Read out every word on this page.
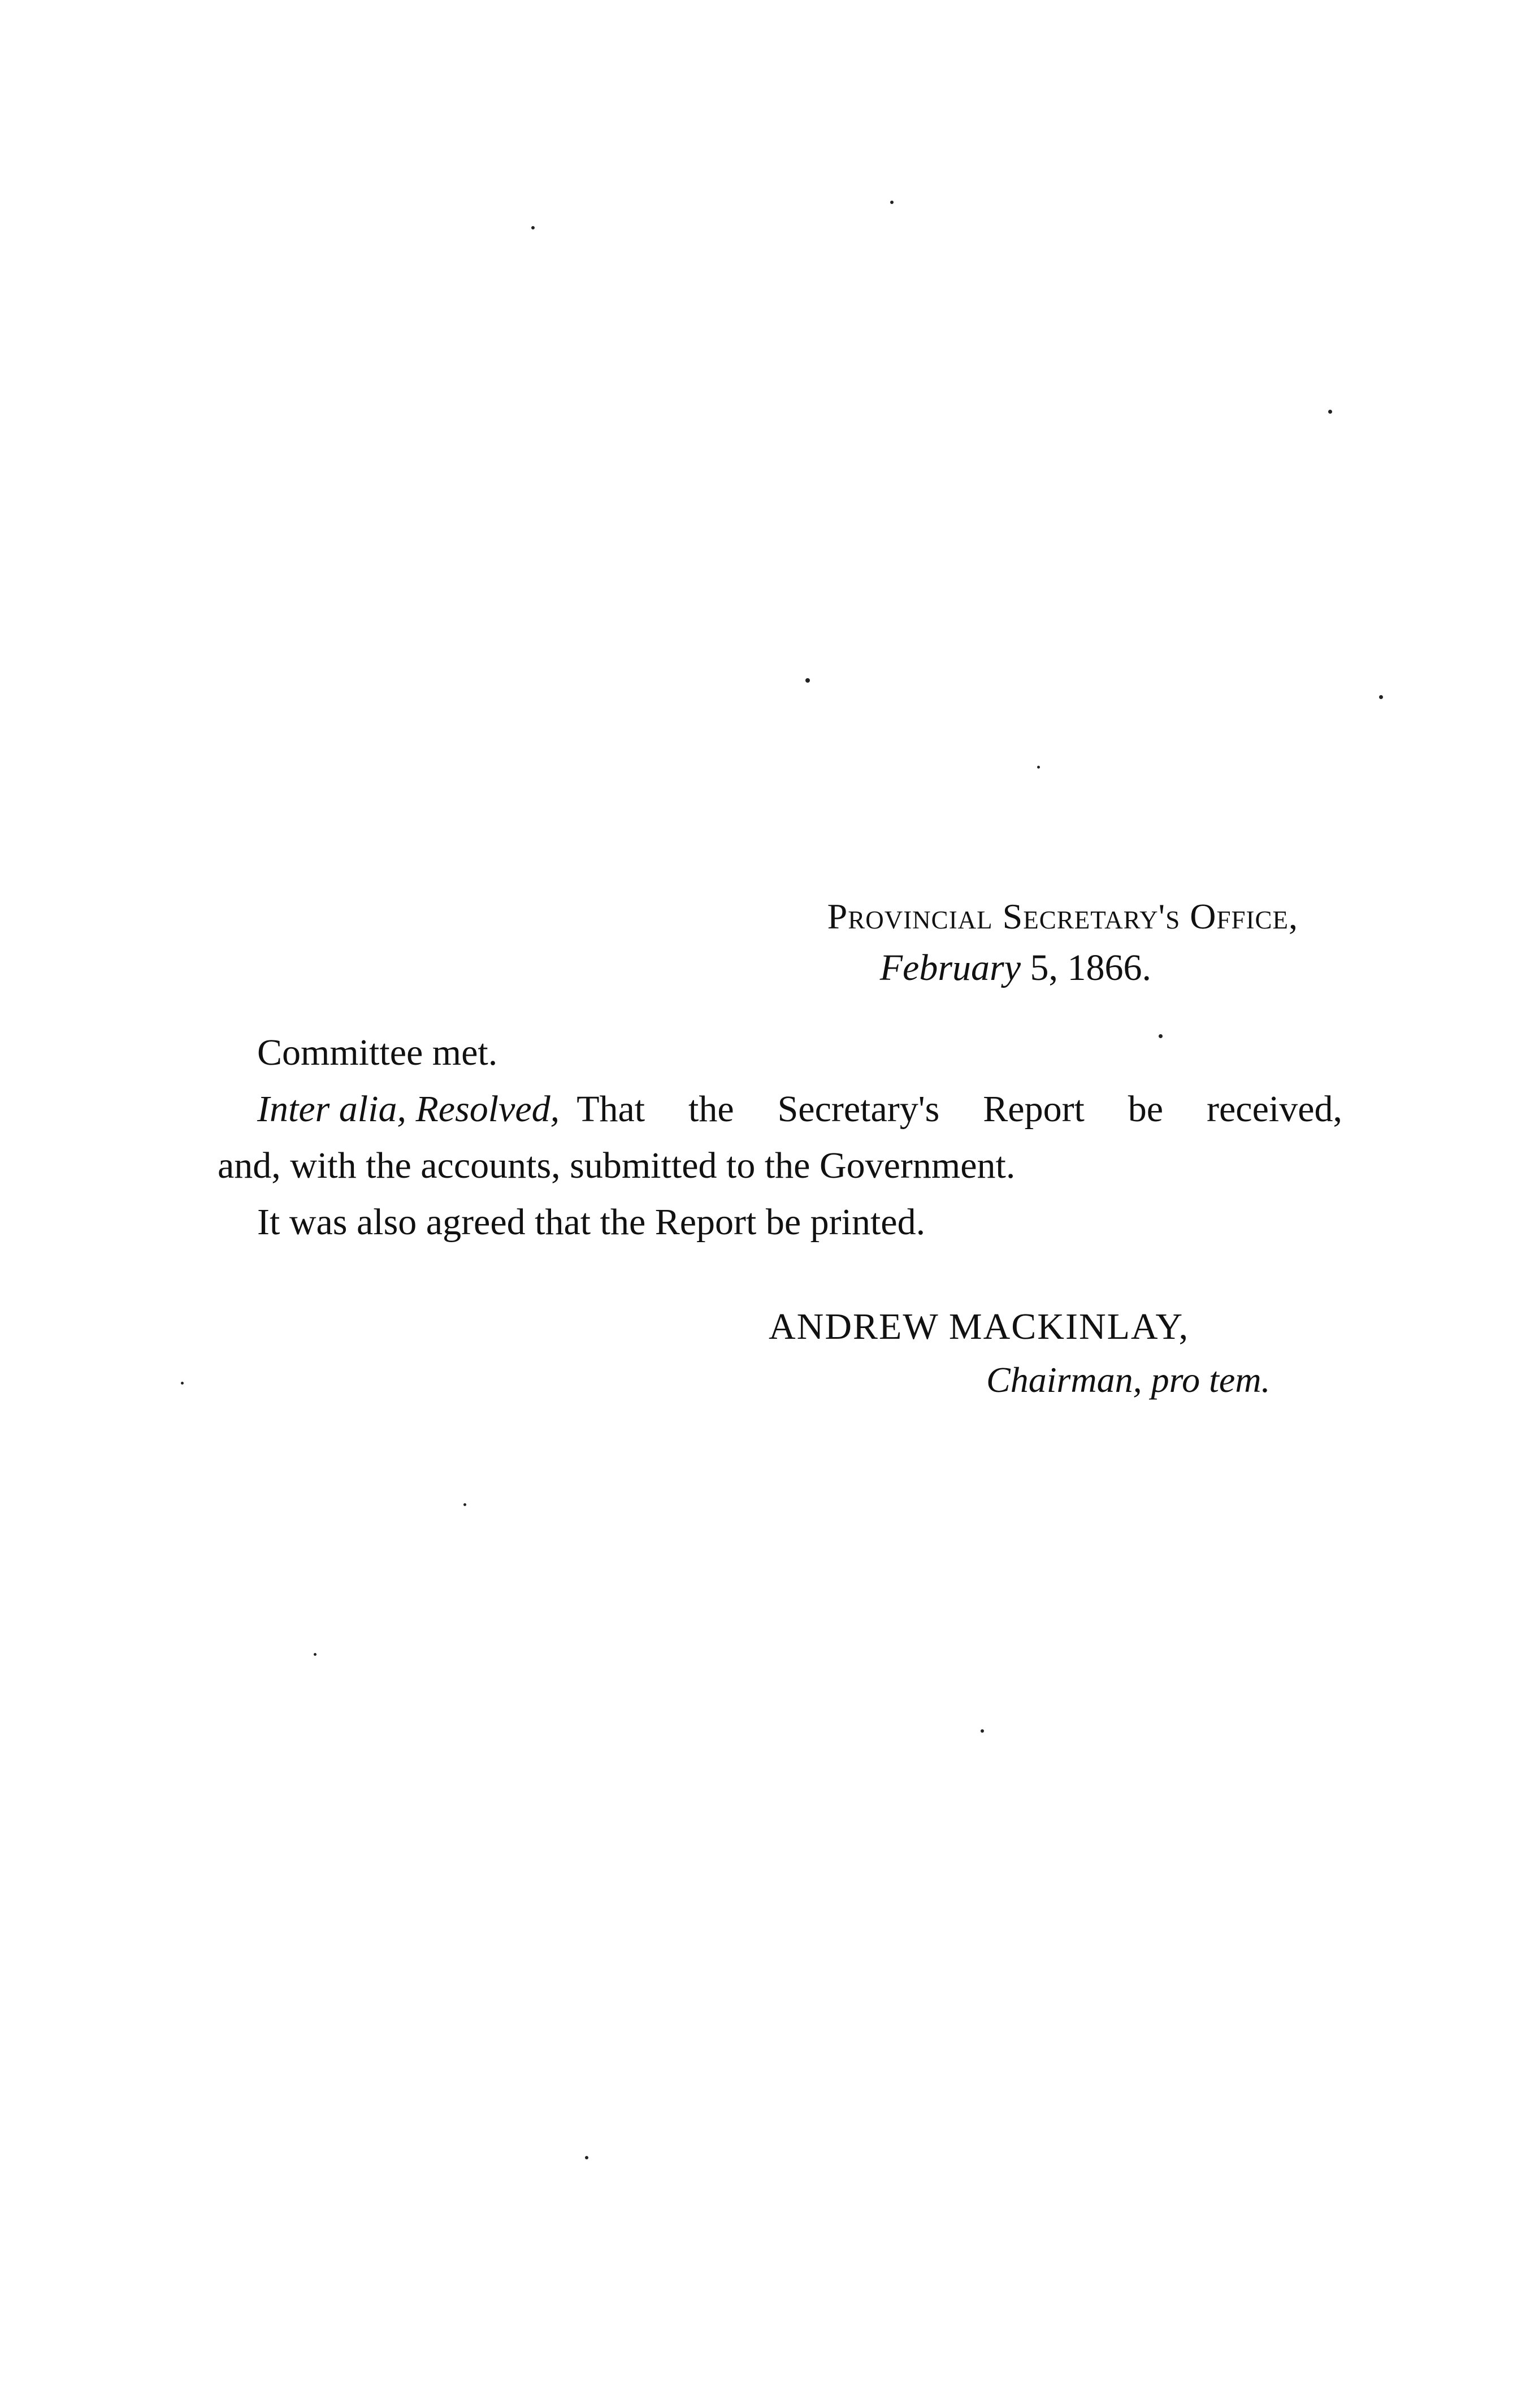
Provincial Secretary's Office,
February 5, 1866.
Committee met.
Inter alia, Resolved, That the Secretary's Report be received,
and, with the accounts, submitted to the Government.
It was also agreed that the Report be printed.
ANDREW MACKINLAY,
Chairman, pro tem.
